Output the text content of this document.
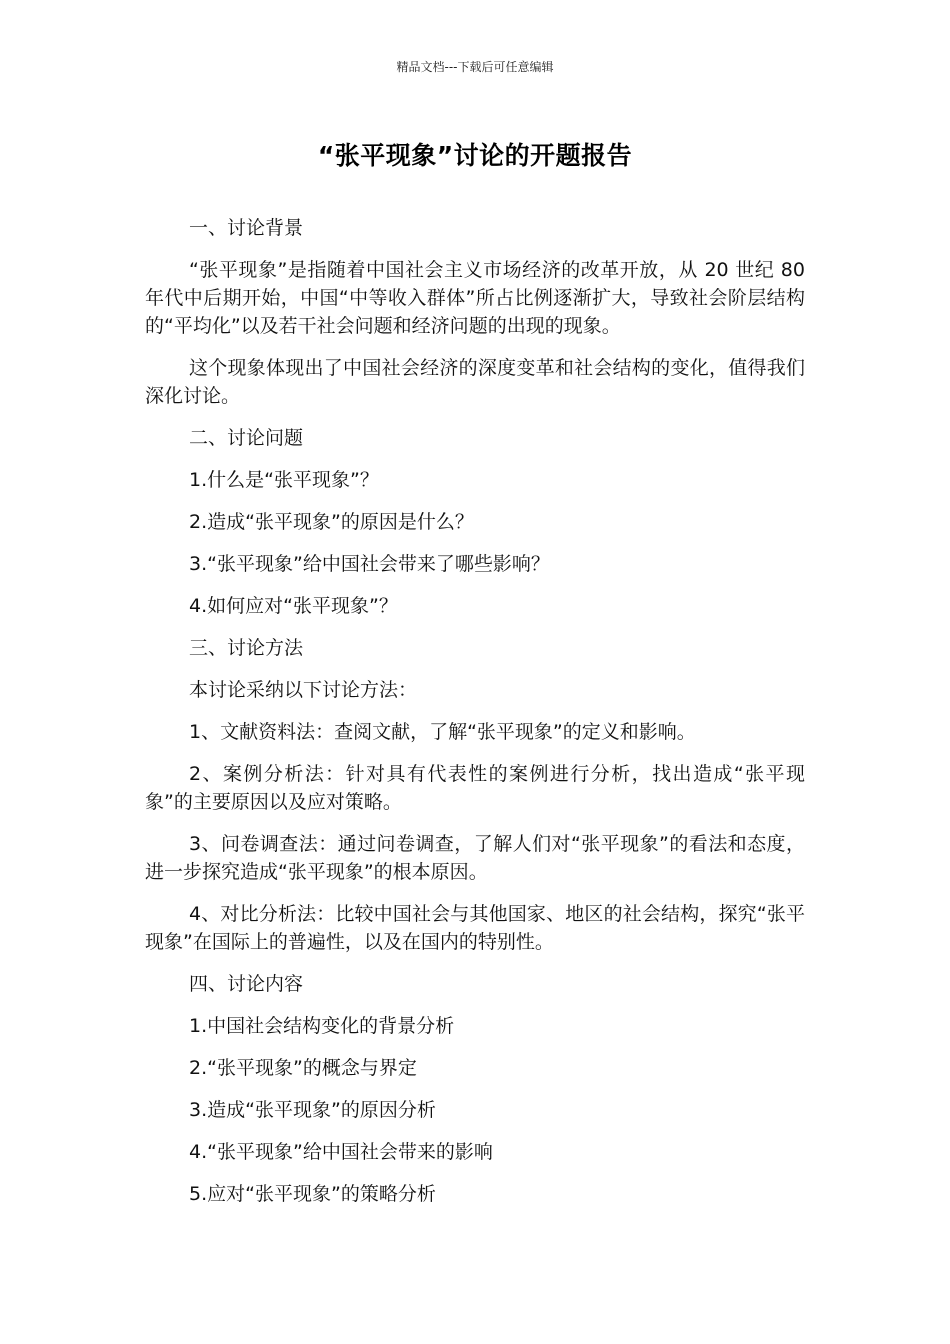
精品文档---下载后可任意编辑
“张平现象”讨论的开题报告

一、讨论背景

“张平现象”是指随着中国社会主义市场经济的改革开放，从 20 世纪 80 年代中后期开始，中国“中等收入群体”所占比例逐渐扩大，导致社会阶层结构的“平均化”以及若干社会问题和经济问题的出现的现象。

这个现象体现出了中国社会经济的深度变革和社会结构的变化，值得我们深化讨论。

二、讨论问题

1.什么是“张平现象”？

2.造成“张平现象”的原因是什么？

3.“张平现象”给中国社会带来了哪些影响？

4.如何应对“张平现象”？

三、讨论方法

本讨论采纳以下讨论方法：

1、文献资料法：查阅文献，了解“张平现象”的定义和影响。

2、案例分析法：针对具有代表性的案例进行分析，找出造成“张平现象”的主要原因以及应对策略。

3、问卷调查法：通过问卷调查，了解人们对“张平现象”的看法和态度，进一步探究造成“张平现象”的根本原因。

4、对比分析法：比较中国社会与其他国家、地区的社会结构，探究“张平现象”在国际上的普遍性，以及在国内的特别性。

四、讨论内容

1.中国社会结构变化的背景分析

2.“张平现象”的概念与界定

3.造成“张平现象”的原因分析

4.“张平现象”给中国社会带来的影响

5.应对“张平现象”的策略分析
